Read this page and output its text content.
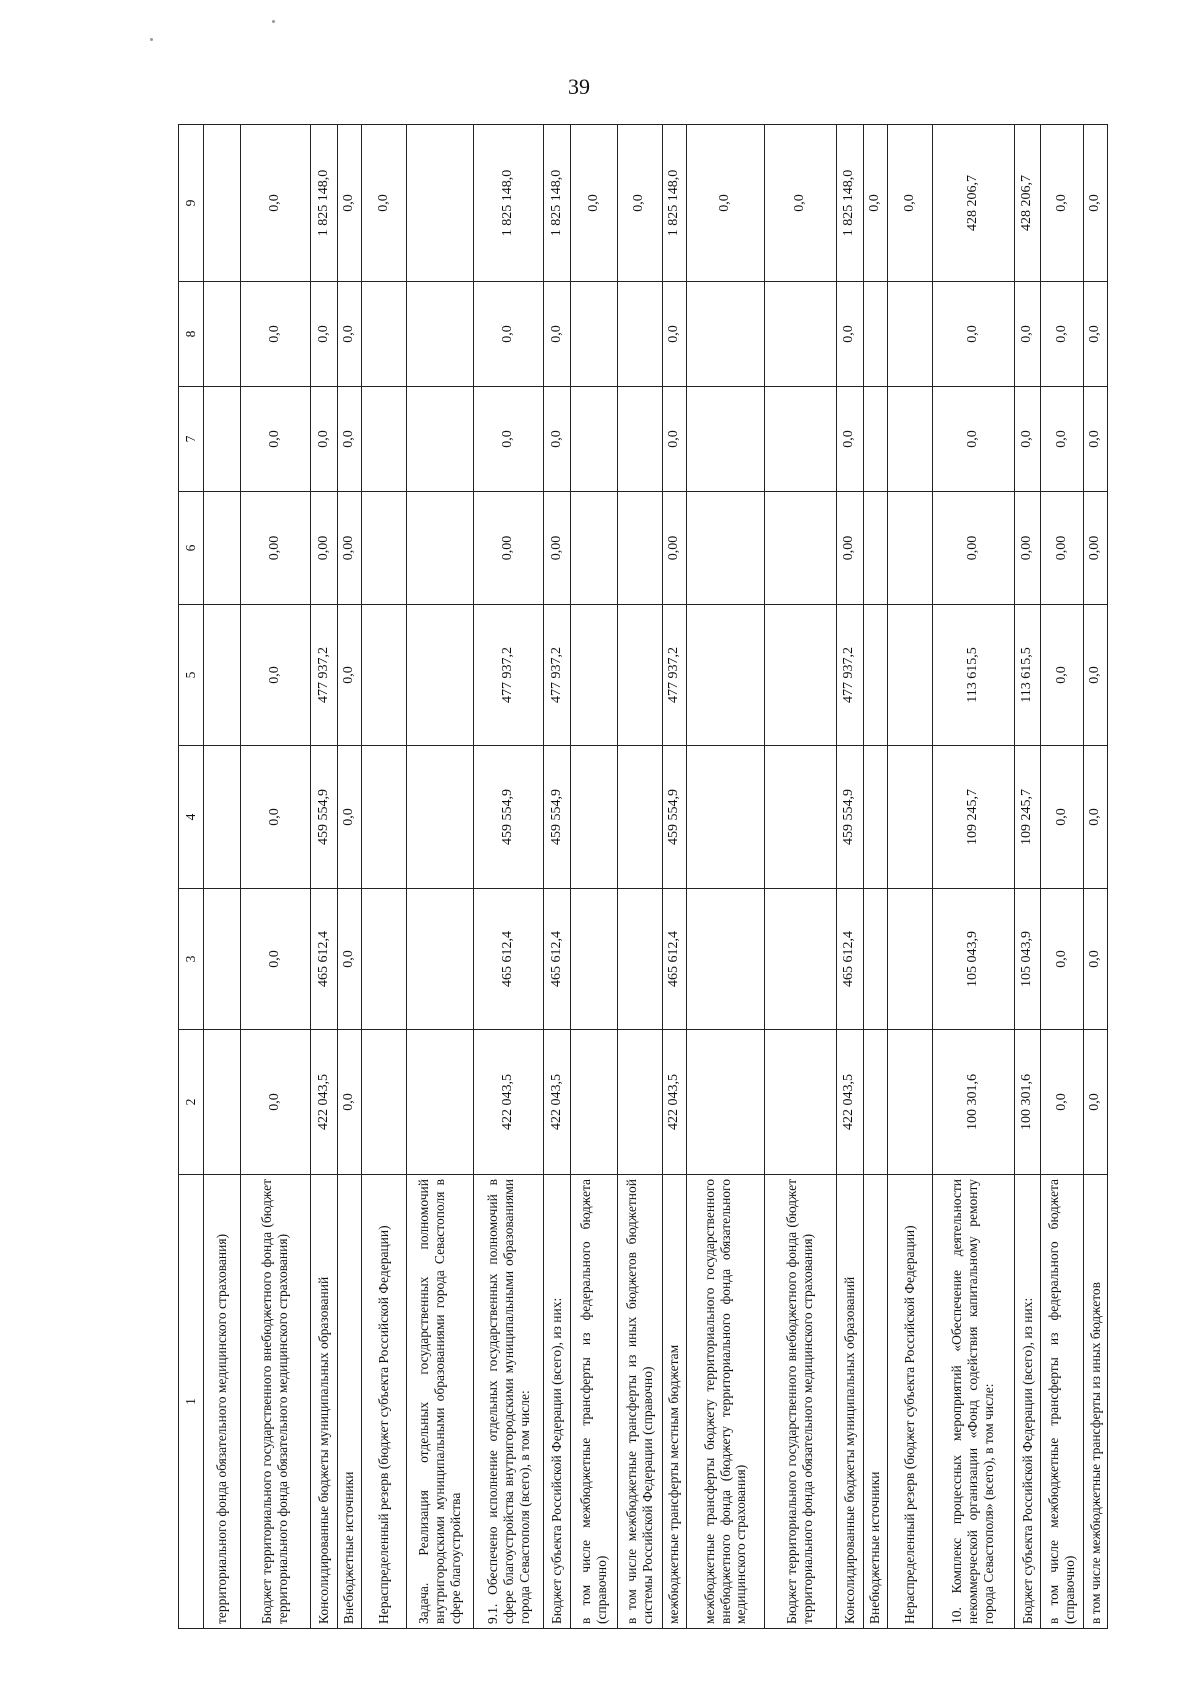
39
1	2	3	4	5	6	7	8	9
территориального фонда обязательного медицинского страхования)								
Бюджет территориального государственного внебюджетного фонда (бюджет территориального фонда обязательного медицинского страхования)	0,0	0,0	0,0	0,0	0,00	0,0	0,0	0,0
Консолидированные бюджеты муниципальных образований	422 043,5	465 612,4	459 554,9	477 937,2	0,00	0,0	0,0	1 825 148,0
Внебюджетные источники	0,0	0,0	0,0	0,0	0,00	0,0	0,0	0,0
Нераспределенный резерв (бюджет субъекта Российской Федерации)								0,0
Задача. Реализация отдельных государственных полномочий внутригородскими муниципальными образованиями города Севастополя в сфере благоустройства								
9.1. Обеспечено исполнение отдельных государственных полномочий в сфере благоустройства внутригородскими муниципальными образованиями города Севастополя (всего), в том числе:	422 043,5	465 612,4	459 554,9	477 937,2	0,00	0,0	0,0	1 825 148,0
Бюджет субъекта Российской Федерации (всего), из них:	422 043,5	465 612,4	459 554,9	477 937,2	0,00	0,0	0,0	1 825 148,0
в том числе межбюджетные трансферты из федерального бюджета (справочно)								0,0
в том числе межбюджетные трансферты из иных бюджетов бюджетной системы Российской Федерации (справочно)								0,0
межбюджетные трансферты местным бюджетам	422 043,5	465 612,4	459 554,9	477 937,2	0,00	0,0	0,0	1 825 148,0
межбюджетные трансферты бюджету территориального государственного внебюджетного фонда (бюджету территориального фонда обязательного медицинского страхования)								0,0
Бюджет территориального государственного внебюджетного фонда (бюджет территориального фонда обязательного медицинского страхования)								0,0
Консолидированные бюджеты муниципальных образований	422 043,5	465 612,4	459 554,9	477 937,2	0,00	0,0	0,0	1 825 148,0
Внебюджетные источники								0,0
Нераспределенный резерв (бюджет субъекта Российской Федерации)								0,0
10. Комплекс процессных мероприятий «Обеспечение деятельности некоммерческой организации «Фонд содействия капитальному ремонту города Севастополя» (всего), в том числе:	100 301,6	105 043,9	109 245,7	113 615,5	0,00	0,0	0,0	428 206,7
Бюджет субъекта Российской Федерации (всего), из них:	100 301,6	105 043,9	109 245,7	113 615,5	0,00	0,0	0,0	428 206,7
в том числе межбюджетные трансферты из федерального бюджета (справочно)	0,0	0,0	0,0	0,0	0,00	0,0	0,0	0,0
в том числе межбюджетные трансферты из иных бюджетов	0,0	0,0	0,0	0,0	0,00	0,0	0,0	0,0
